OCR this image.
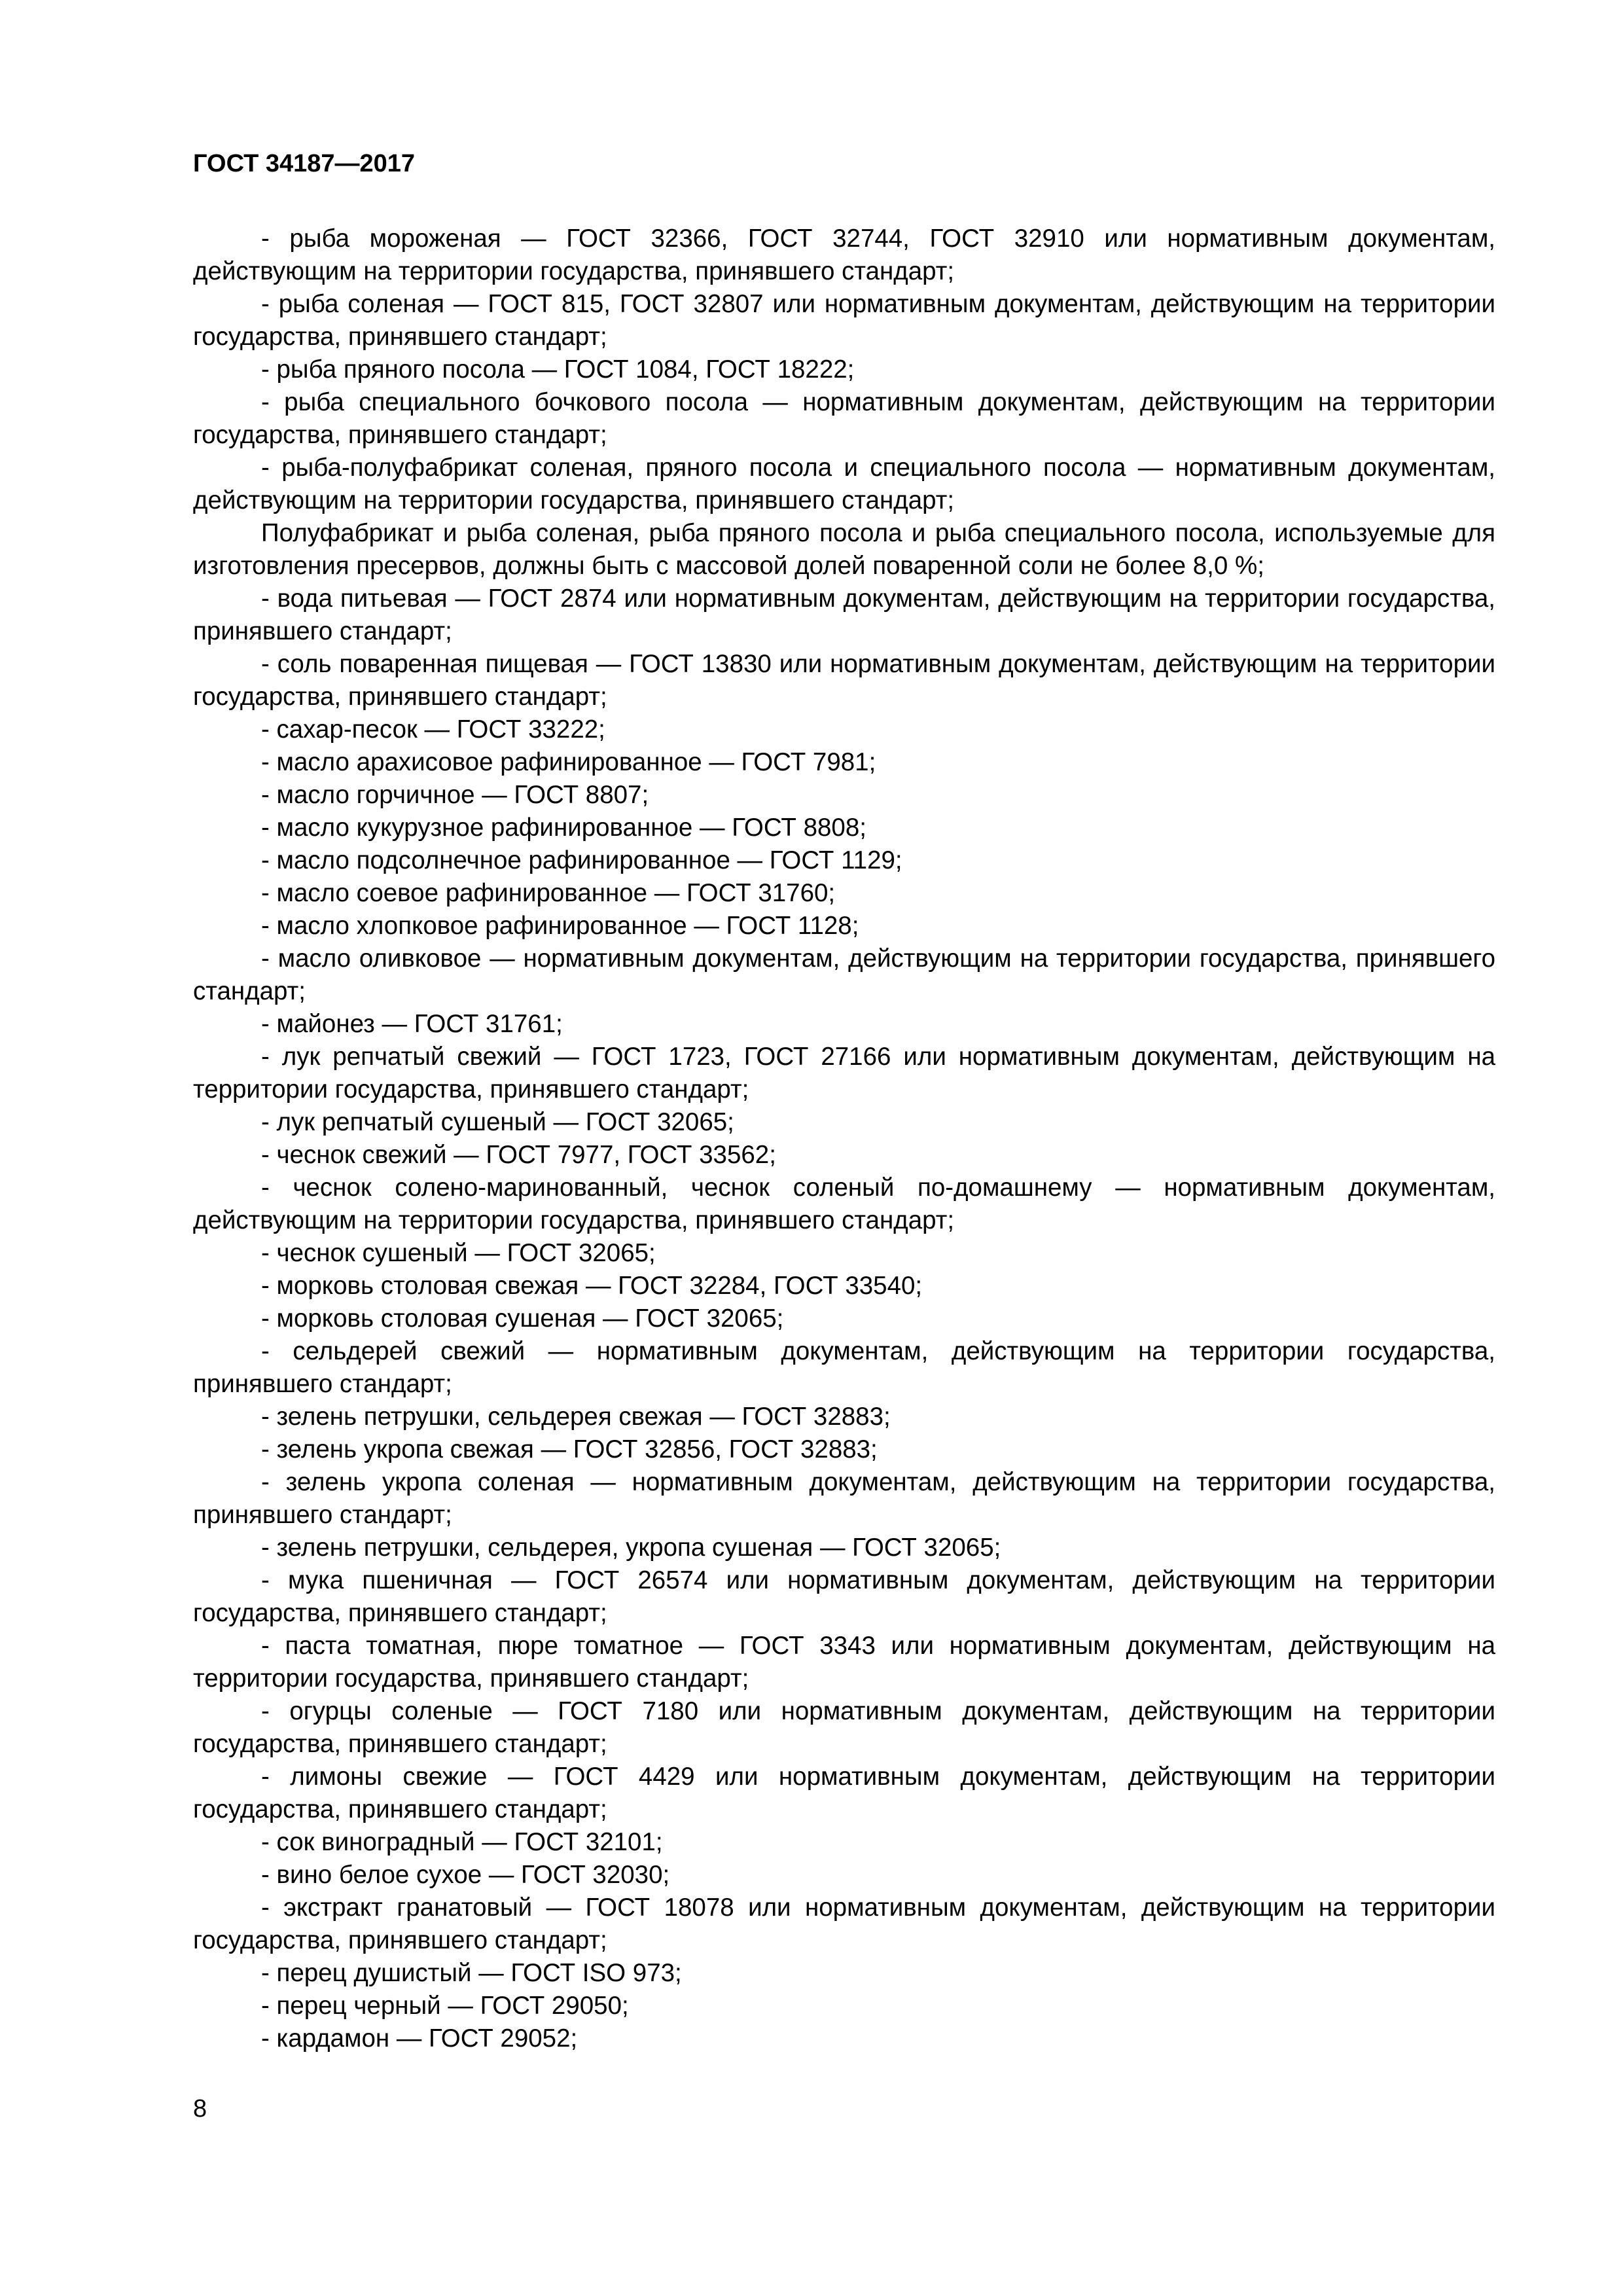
ГОСТ 34187—2017

- рыба мороженая — ГОСТ 32366, ГОСТ 32744, ГОСТ 32910 или нормативным документам, действующим на территории государства, принявшего стандарт;

- рыба соленая — ГОСТ 815, ГОСТ 32807 или нормативным документам, действующим на территории государства, принявшего стандарт;

- рыба пряного посола — ГОСТ 1084, ГОСТ 18222;

- рыба специального бочкового посола — нормативным документам, действующим на территории государства, принявшего стандарт;

- рыба-полуфабрикат соленая, пряного посола и специального посола — нормативным документам, действующим на территории государства, принявшего стандарт;

Полуфабрикат и рыба соленая, рыба пряного посола и рыба специального посола, используемые для изготовления пресервов, должны быть с массовой долей поваренной соли не более 8,0 %;

- вода питьевая — ГОСТ 2874 или нормативным документам, действующим на территории государства, принявшего стандарт;

- соль поваренная пищевая — ГОСТ 13830 или нормативным документам, действующим на территории государства, принявшего стандарт;

- сахар-песок — ГОСТ 33222;

- масло арахисовое рафинированное — ГОСТ 7981;

- масло горчичное — ГОСТ 8807;

- масло кукурузное рафинированное — ГОСТ 8808;

- масло подсолнечное рафинированное — ГОСТ 1129;

- масло соевое рафинированное — ГОСТ 31760;

- масло хлопковое рафинированное — ГОСТ 1128;

- масло оливковое — нормативным документам, действующим на территории государства, принявшего стандарт;

- майонез — ГОСТ 31761;

- лук репчатый свежий — ГОСТ 1723, ГОСТ 27166 или нормативным документам, действующим на территории государства, принявшего стандарт;

- лук репчатый сушеный — ГОСТ 32065;

- чеснок свежий — ГОСТ 7977, ГОСТ 33562;

- чеснок солено-маринованный, чеснок соленый по-домашнему — нормативным документам, действующим на территории государства, принявшего стандарт;

- чеснок сушеный — ГОСТ 32065;

- морковь столовая свежая — ГОСТ 32284, ГОСТ 33540;

- морковь столовая сушеная — ГОСТ 32065;

- сельдерей свежий — нормативным документам, действующим на территории государства, принявшего стандарт;

- зелень петрушки, сельдерея свежая — ГОСТ 32883;

- зелень укропа свежая — ГОСТ 32856, ГОСТ 32883;

- зелень укропа соленая — нормативным документам, действующим на территории государства, принявшего стандарт;

- зелень петрушки, сельдерея, укропа сушеная — ГОСТ 32065;

- мука пшеничная — ГОСТ 26574 или нормативным документам, действующим на территории государства, принявшего стандарт;

- паста томатная, пюре томатное — ГОСТ 3343 или нормативным документам, действующим на территории государства, принявшего стандарт;

- огурцы соленые — ГОСТ 7180 или нормативным документам, действующим на территории государства, принявшего стандарт;

- лимоны свежие — ГОСТ 4429 или нормативным документам, действующим на территории государства, принявшего стандарт;

- сок виноградный — ГОСТ 32101;

- вино белое сухое — ГОСТ 32030;

- экстракт гранатовый — ГОСТ 18078 или нормативным документам, действующим на территории государства, принявшего стандарт;

- перец душистый — ГОСТ ISO 973;

- перец черный — ГОСТ 29050;

- кардамон — ГОСТ 29052;

8
